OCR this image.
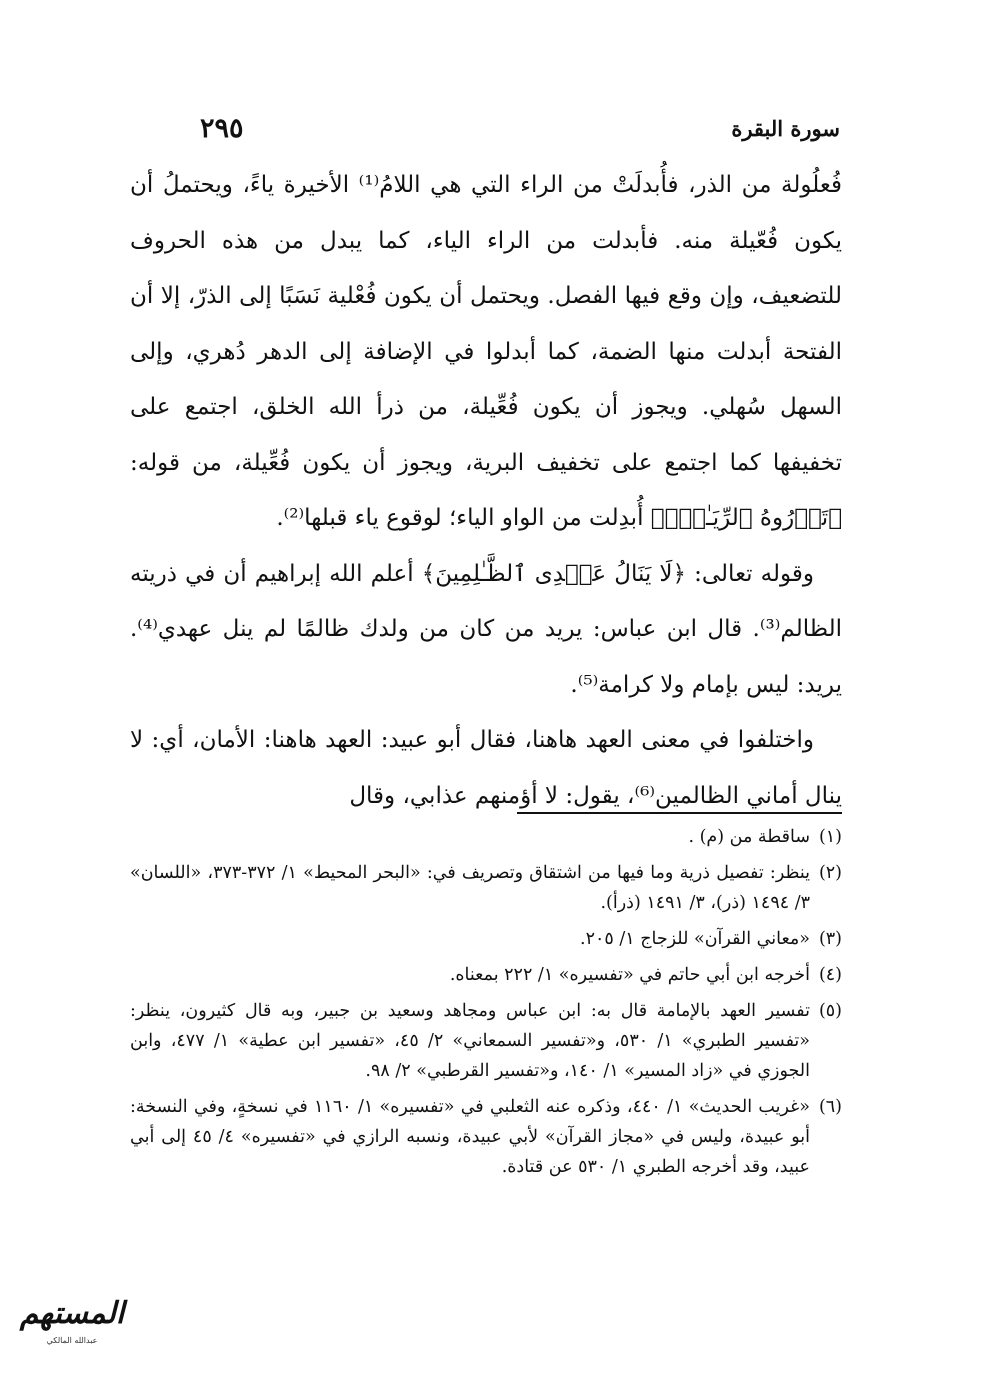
سورة البقرة
٢٩٥

فُعلُولة من الذر، فأُبدلَتْ من الراء التي هي اللامُ⁽¹⁾ الأخيرة ياءً، ويحتملُ أن يكون فُعّيلة منه. فأبدلت من الراء الياء، كما يبدل من هذه الحروف للتضعيف، وإن وقع فيها الفصل. ويحتمل أن يكون فُعْلية نَسَبًا إلى الذرّ، إلا أن الفتحة أبدلت منها الضمة، كما أبدلوا في الإضافة إلى الدهر دُهري، وإلى السهل سُهلي. ويجوز أن يكون فُعِّيلة، من ذرأ الله الخلق، اجتمع على تخفيفها كما اجتمع على تخفيف البرية، ويجوز أن يكون فُعِّيلة، من قوله: ﴿تَذۡرُوهُ ٱلرِّيَـٰحُۗ﴾ أُبدِلت من الواو الياء؛ لوقوع ياء قبلها⁽²⁾.

وقوله تعالى: ﴿لَا يَنَالُ عَهۡدِى ٱلظَّـٰلِمِينَ﴾ أعلم الله إبراهيم أن في ذريته الظالم⁽³⁾. قال ابن عباس: يريد من كان من ولدك ظالمًا لم ينل عهدي⁽⁴⁾. يريد: ليس بإمام ولا كرامة⁽⁵⁾.

واختلفوا في معنى العهد هاهنا، فقال أبو عبيد: العهد هاهنا: الأمان، أي: لا ينال أماني الظالمين⁽⁶⁾، يقول: لا أؤمنهم عذابي، وقال

(١)
ساقطة من (م) .
(٢)
ينظر: تفصيل ذرية وما فيها من اشتقاق وتصريف في: «البحر المحيط» ١/ ٣٧٢-٣٧٣، «اللسان» ٣/ ١٤٩٤ (ذر)، ٣/ ١٤٩١ (ذرأ).
(٣)
«معاني القرآن» للزجاج ١/ ٢٠٥.
(٤)
أخرجه ابن أبي حاتم في «تفسيره» ١/ ٢٢٢ بمعناه.
(٥)
تفسير العهد بالإمامة قال به: ابن عباس ومجاهد وسعيد بن جبير، وبه قال كثيرون، ينظر: «تفسير الطبري» ١/ ٥٣٠، و«تفسير السمعاني» ٢/ ٤٥، «تفسير ابن عطية» ١/ ٤٧٧، وابن الجوزي في «زاد المسير» ١/ ١٤٠، و«تفسير القرطبي» ٢/ ٩٨.
(٦)
«غريب الحديث» ١/ ٤٤٠، وذكره عنه الثعلبي في «تفسيره» ١/ ١١٦٠ في نسخةٍ، وفي النسخة: أبو عبيدة، وليس في «مجاز القرآن» لأبي عبيدة، ونسبه الرازي في «تفسيره» ٤/ ٤٥ إلى أبي عبيد، وقد أخرجه الطبري ١/ ٥٣٠ عن قتادة.
المستهم
عبدالله المالكي
